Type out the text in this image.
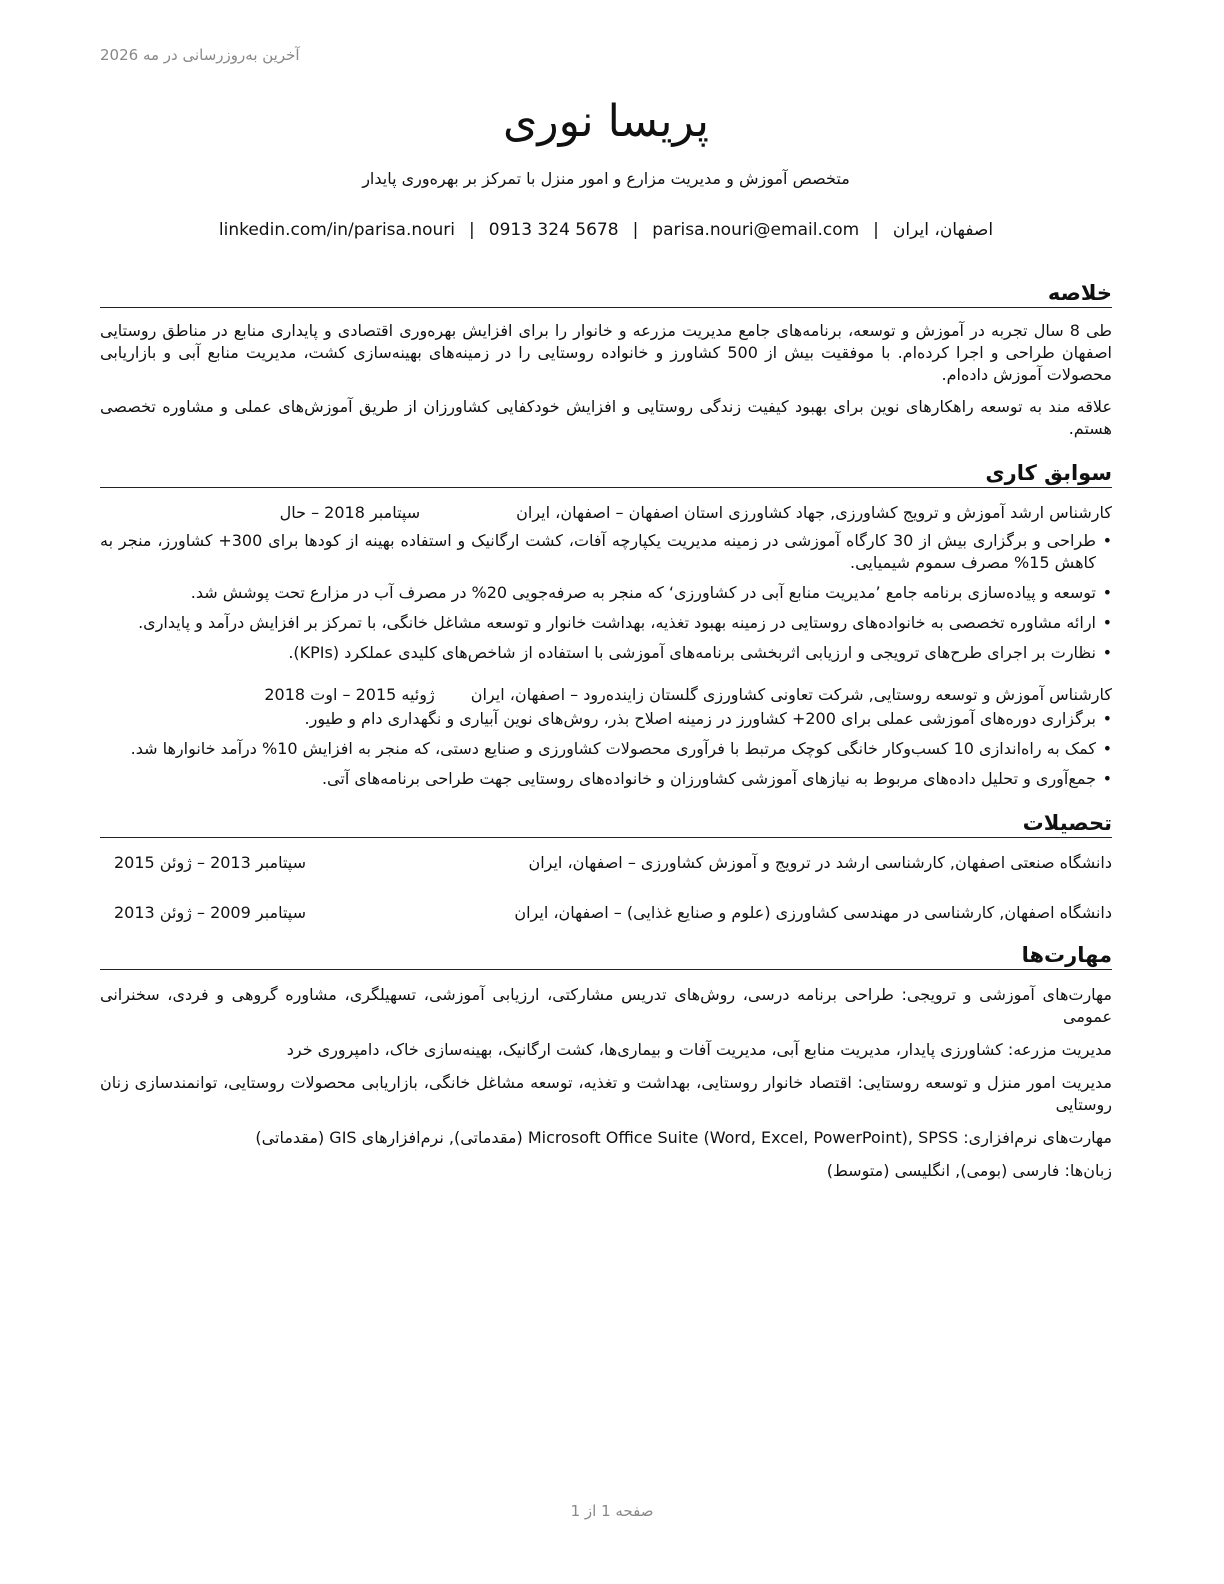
آخرین به‌روزرسانی در مه 2026
پریسا نوری
متخصص آموزش و مدیریت مزارع و امور منزل با تمرکز بر بهره‌وری پایدار
linkedin.com/in/parisa.nouri | 0913 324 5678 | parisa.nouri@email.com | اصفهان، ایران
خلاصه

طی 8 سال تجربه در آموزش و توسعه، برنامه‌های جامع مدیریت مزرعه و خانوار را برای افزایش بهره‌وری اقتصادی و پایداری منابع در مناطق روستایی اصفهان طراحی و اجرا کرده‌ام. با موفقیت بیش از 500 کشاورز و خانواده روستایی را در زمینه‌های بهینه‌سازی کشت، مدیریت منابع آبی و بازاریابی محصولات آموزش داده‌ام.

علاقه مند به توسعه راهکارهای نوین برای بهبود کیفیت زندگی روستایی و افزایش خودکفایی کشاورزان از طریق آموزش‌های عملی و مشاوره تخصصی هستم.

سوابق کاری
کارشناس ارشد آموزش و ترویج کشاورزی, جهاد کشاورزی استان اصفهان – اصفهان، ایران
سپتامبر 2018 – حال
• طراحی و برگزاری بیش از 30 کارگاه آموزشی در زمینه مدیریت یکپارچه آفات، کشت ارگانیک و استفاده بهینه از کودها برای 300+ کشاورز، منجر به کاهش 15% مصرف سموم شیمیایی.
• توسعه و پیاده‌سازی برنامه جامع ’مدیریت منابع آبی در کشاورزی‘ که منجر به صرفه‌جویی 20% در مصرف آب در مزارع تحت پوشش شد.
• ارائه مشاوره تخصصی به خانواده‌های روستایی در زمینه بهبود تغذیه، بهداشت خانوار و توسعه مشاغل خانگی، با تمرکز بر افزایش درآمد و پایداری.
• نظارت بر اجرای طرح‌های ترویجی و ارزیابی اثربخشی برنامه‌های آموزشی با استفاده از شاخص‌های کلیدی عملکرد (KPIs).
کارشناس آموزش و توسعه روستایی, شرکت تعاونی کشاورزی گلستان زاینده‌رود – اصفهان، ایران
ژوئیه 2015 – اوت 2018
• برگزاری دوره‌های آموزشی عملی برای 200+ کشاورز در زمینه اصلاح بذر، روش‌های نوین آبیاری و نگهداری دام و طیور.
• کمک به راه‌اندازی 10 کسب‌وکار خانگی کوچک مرتبط با فرآوری محصولات کشاورزی و صنایع دستی، که منجر به افزایش 10% درآمد خانوارها شد.
• جمع‌آوری و تحلیل داده‌های مربوط به نیازهای آموزشی کشاورزان و خانواده‌های روستایی جهت طراحی برنامه‌های آتی.
تحصیلات
دانشگاه صنعتی اصفهان, کارشناسی ارشد در ترویج و آموزش کشاورزی – اصفهان، ایران
سپتامبر 2013 – ژوئن 2015
دانشگاه اصفهان, کارشناسی در مهندسی کشاورزی (علوم و صنایع غذایی) – اصفهان، ایران
سپتامبر 2009 – ژوئن 2013
مهارت‌ها

مهارت‌های آموزشی و ترویجی: طراحی برنامه درسی، روش‌های تدریس مشارکتی، ارزیابی آموزشی، تسهیلگری، مشاوره گروهی و فردی، سخنرانی عمومی

مدیریت مزرعه: کشاورزی پایدار، مدیریت منابع آبی، مدیریت آفات و بیماری‌ها، کشت ارگانیک، بهینه‌سازی خاک، دامپروری خرد

مدیریت امور منزل و توسعه روستایی: اقتصاد خانوار روستایی، بهداشت و تغذیه، توسعه مشاغل خانگی، بازاریابی محصولات روستایی، توانمندسازی زنان روستایی

مهارت‌های نرم‌افزاری: Microsoft Office Suite (Word, Excel, PowerPoint), SPSS (مقدماتی), نرم‌افزارهای GIS (مقدماتی)

زبان‌ها: فارسی (بومی), انگلیسی (متوسط)

صفحه 1 از 1
